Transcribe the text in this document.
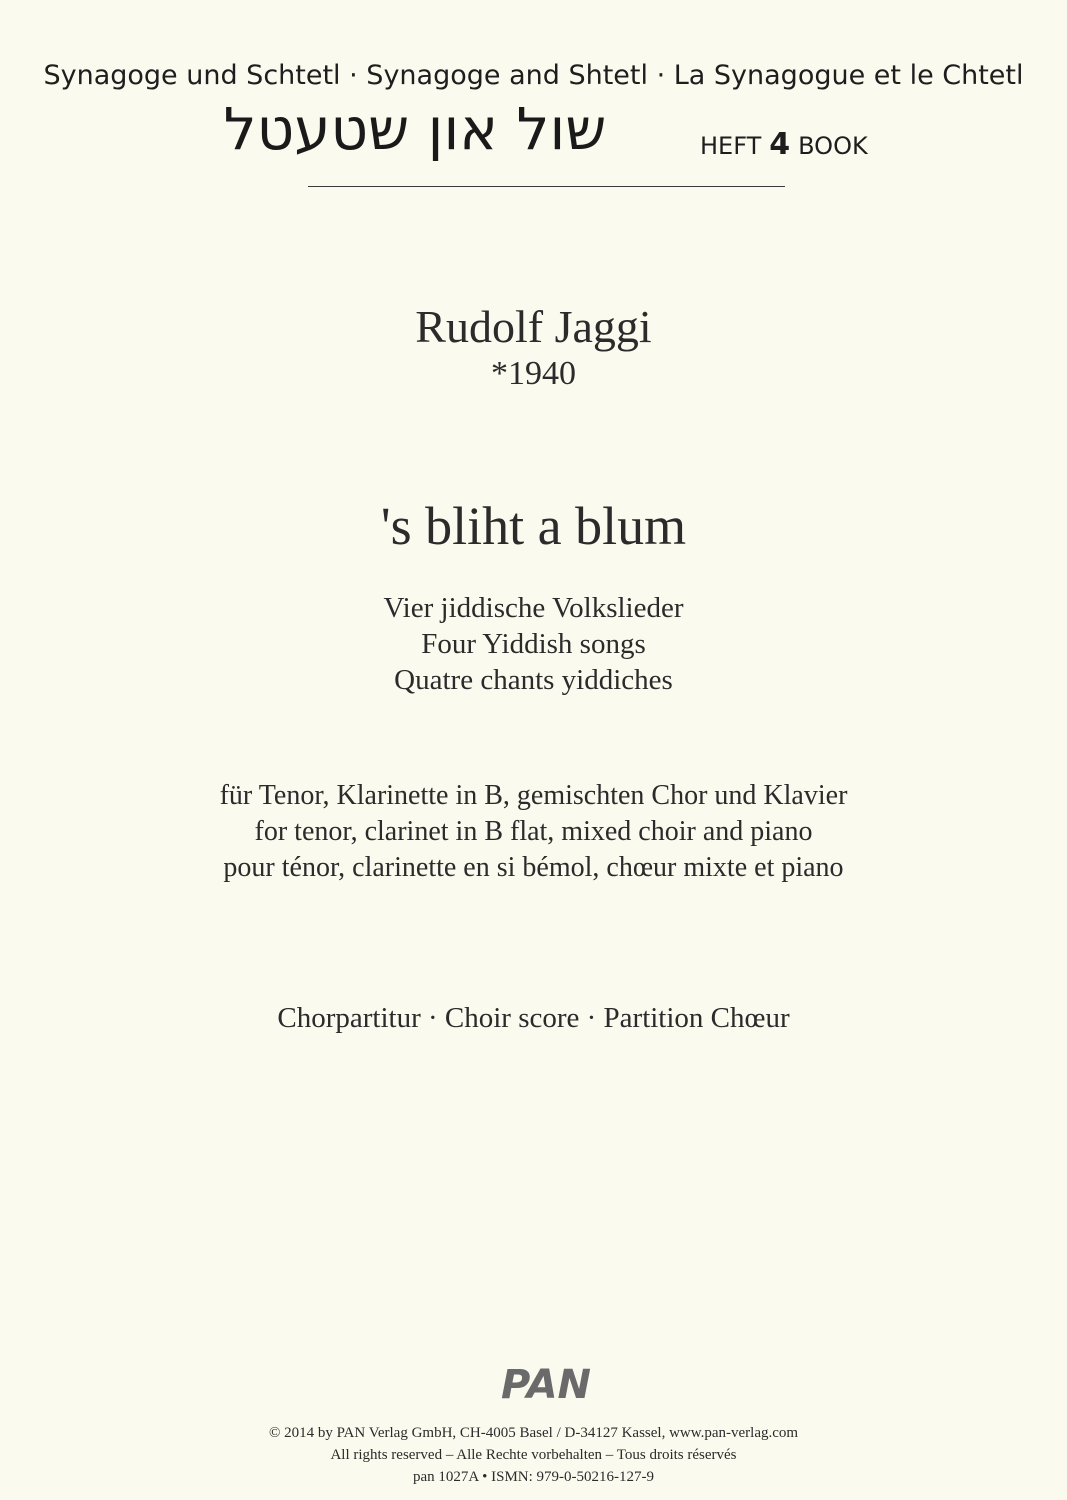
Synagoge und Schtetl · Synagoge and Shtetl · La Synagogue et le Chtetl
שול און שטעטל	HEFT 4 BOOK
Rudolf Jaggi
*1940
's bliht a blum
Vier jiddische Volkslieder
Four Yiddish songs
Quatre chants yiddiches
für Tenor, Klarinette in B, gemischten Chor und Klavier
for tenor, clarinet in B flat, mixed choir and piano
pour ténor, clarinette en si bémol, chœur mixte et piano
Chorpartitur · Choir score · Partition Chœur
PAN
© 2014 by PAN Verlag GmbH, CH-4005 Basel / D-34127 Kassel, www.pan-verlag.com
All rights reserved – Alle Rechte vorbehalten – Tous droits réservés
pan 1027A • ISMN: 979-0-50216-127-9
